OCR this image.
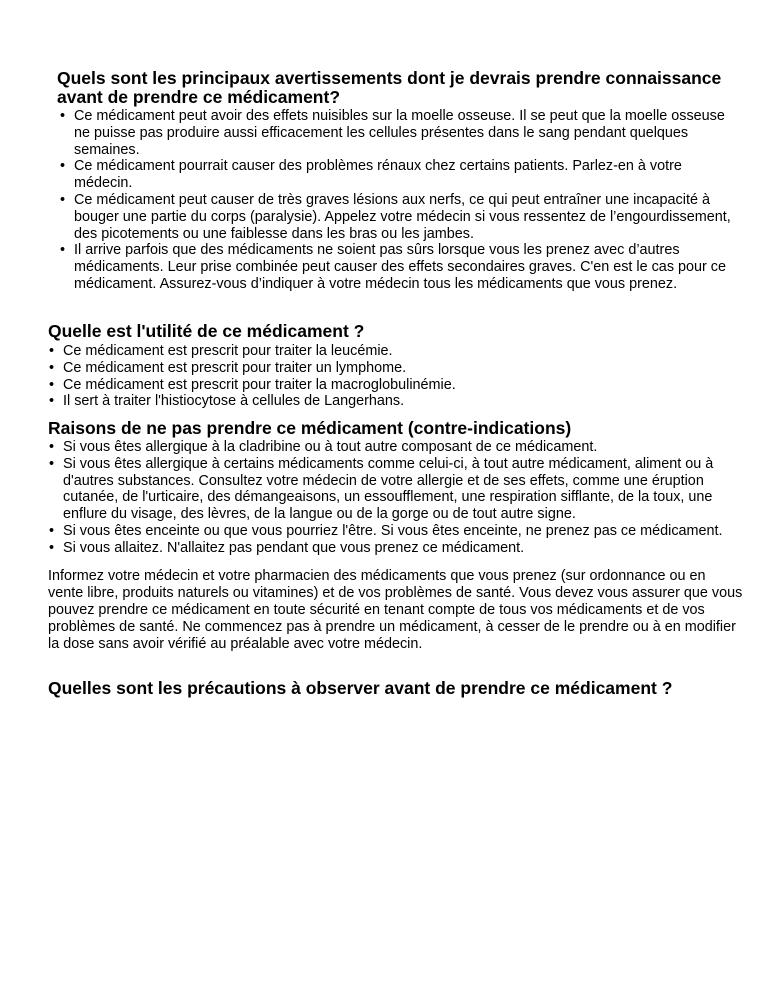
Quels sont les principaux avertissements dont je devrais prendre connaissance avant de prendre ce médicament?
• Ce médicament peut avoir des effets nuisibles sur la moelle osseuse. Il se peut que la moelle osseuse ne puisse pas produire aussi efficacement les cellules présentes dans le sang pendant quelques semaines.
• Ce médicament pourrait causer des problèmes rénaux chez certains patients. Parlez-en à votre médecin.
• Ce médicament peut causer de très graves lésions aux nerfs, ce qui peut entraîner une incapacité à bouger une partie du corps (paralysie). Appelez votre médecin si vous ressentez de l’engourdissement, des picotements ou une faiblesse dans les bras ou les jambes.
• Il arrive parfois que des médicaments ne soient pas sûrs lorsque vous les prenez avec d’autres médicaments. Leur prise combinée peut causer des effets secondaires graves. C'en est le cas pour ce médicament. Assurez-vous d’indiquer à votre médecin tous les médicaments que vous prenez.
Quelle est l'utilité de ce médicament ?
• Ce médicament est prescrit pour traiter la leucémie.
• Ce médicament est prescrit pour traiter un lymphome.
• Ce médicament est prescrit pour traiter la macroglobulinémie.
• Il sert à traiter l'histiocytose à cellules de Langerhans.
Raisons de ne pas prendre ce médicament (contre-indications)
• Si vous êtes allergique à la cladribine ou à tout autre composant de ce médicament.
• Si vous êtes allergique à certains médicaments comme celui-ci, à tout autre médicament, aliment ou à d'autres substances. Consultez votre médecin de votre allergie et de ses effets, comme une éruption cutanée, de l'urticaire, des démangeaisons, un essoufflement, une respiration sifflante, de la toux, une enflure du visage, des lèvres, de la langue ou de la gorge ou de tout autre signe.
• Si vous êtes enceinte ou que vous pourriez l'être. Si vous êtes enceinte, ne prenez pas ce médicament.
• Si vous allaitez. N'allaitez pas pendant que vous prenez ce médicament.

Informez votre médecin et votre pharmacien des médicaments que vous prenez (sur ordonnance ou en vente libre, produits naturels ou vitamines) et de vos problèmes de santé. Vous devez vous assurer que vous pouvez prendre ce médicament en toute sécurité en tenant compte de tous vos médicaments et de vos problèmes de santé. Ne commencez pas à prendre un médicament, à cesser de le prendre ou à en modifier la dose sans avoir vérifié au préalable avec votre médecin.

Quelles sont les précautions à observer avant de prendre ce médicament ?
